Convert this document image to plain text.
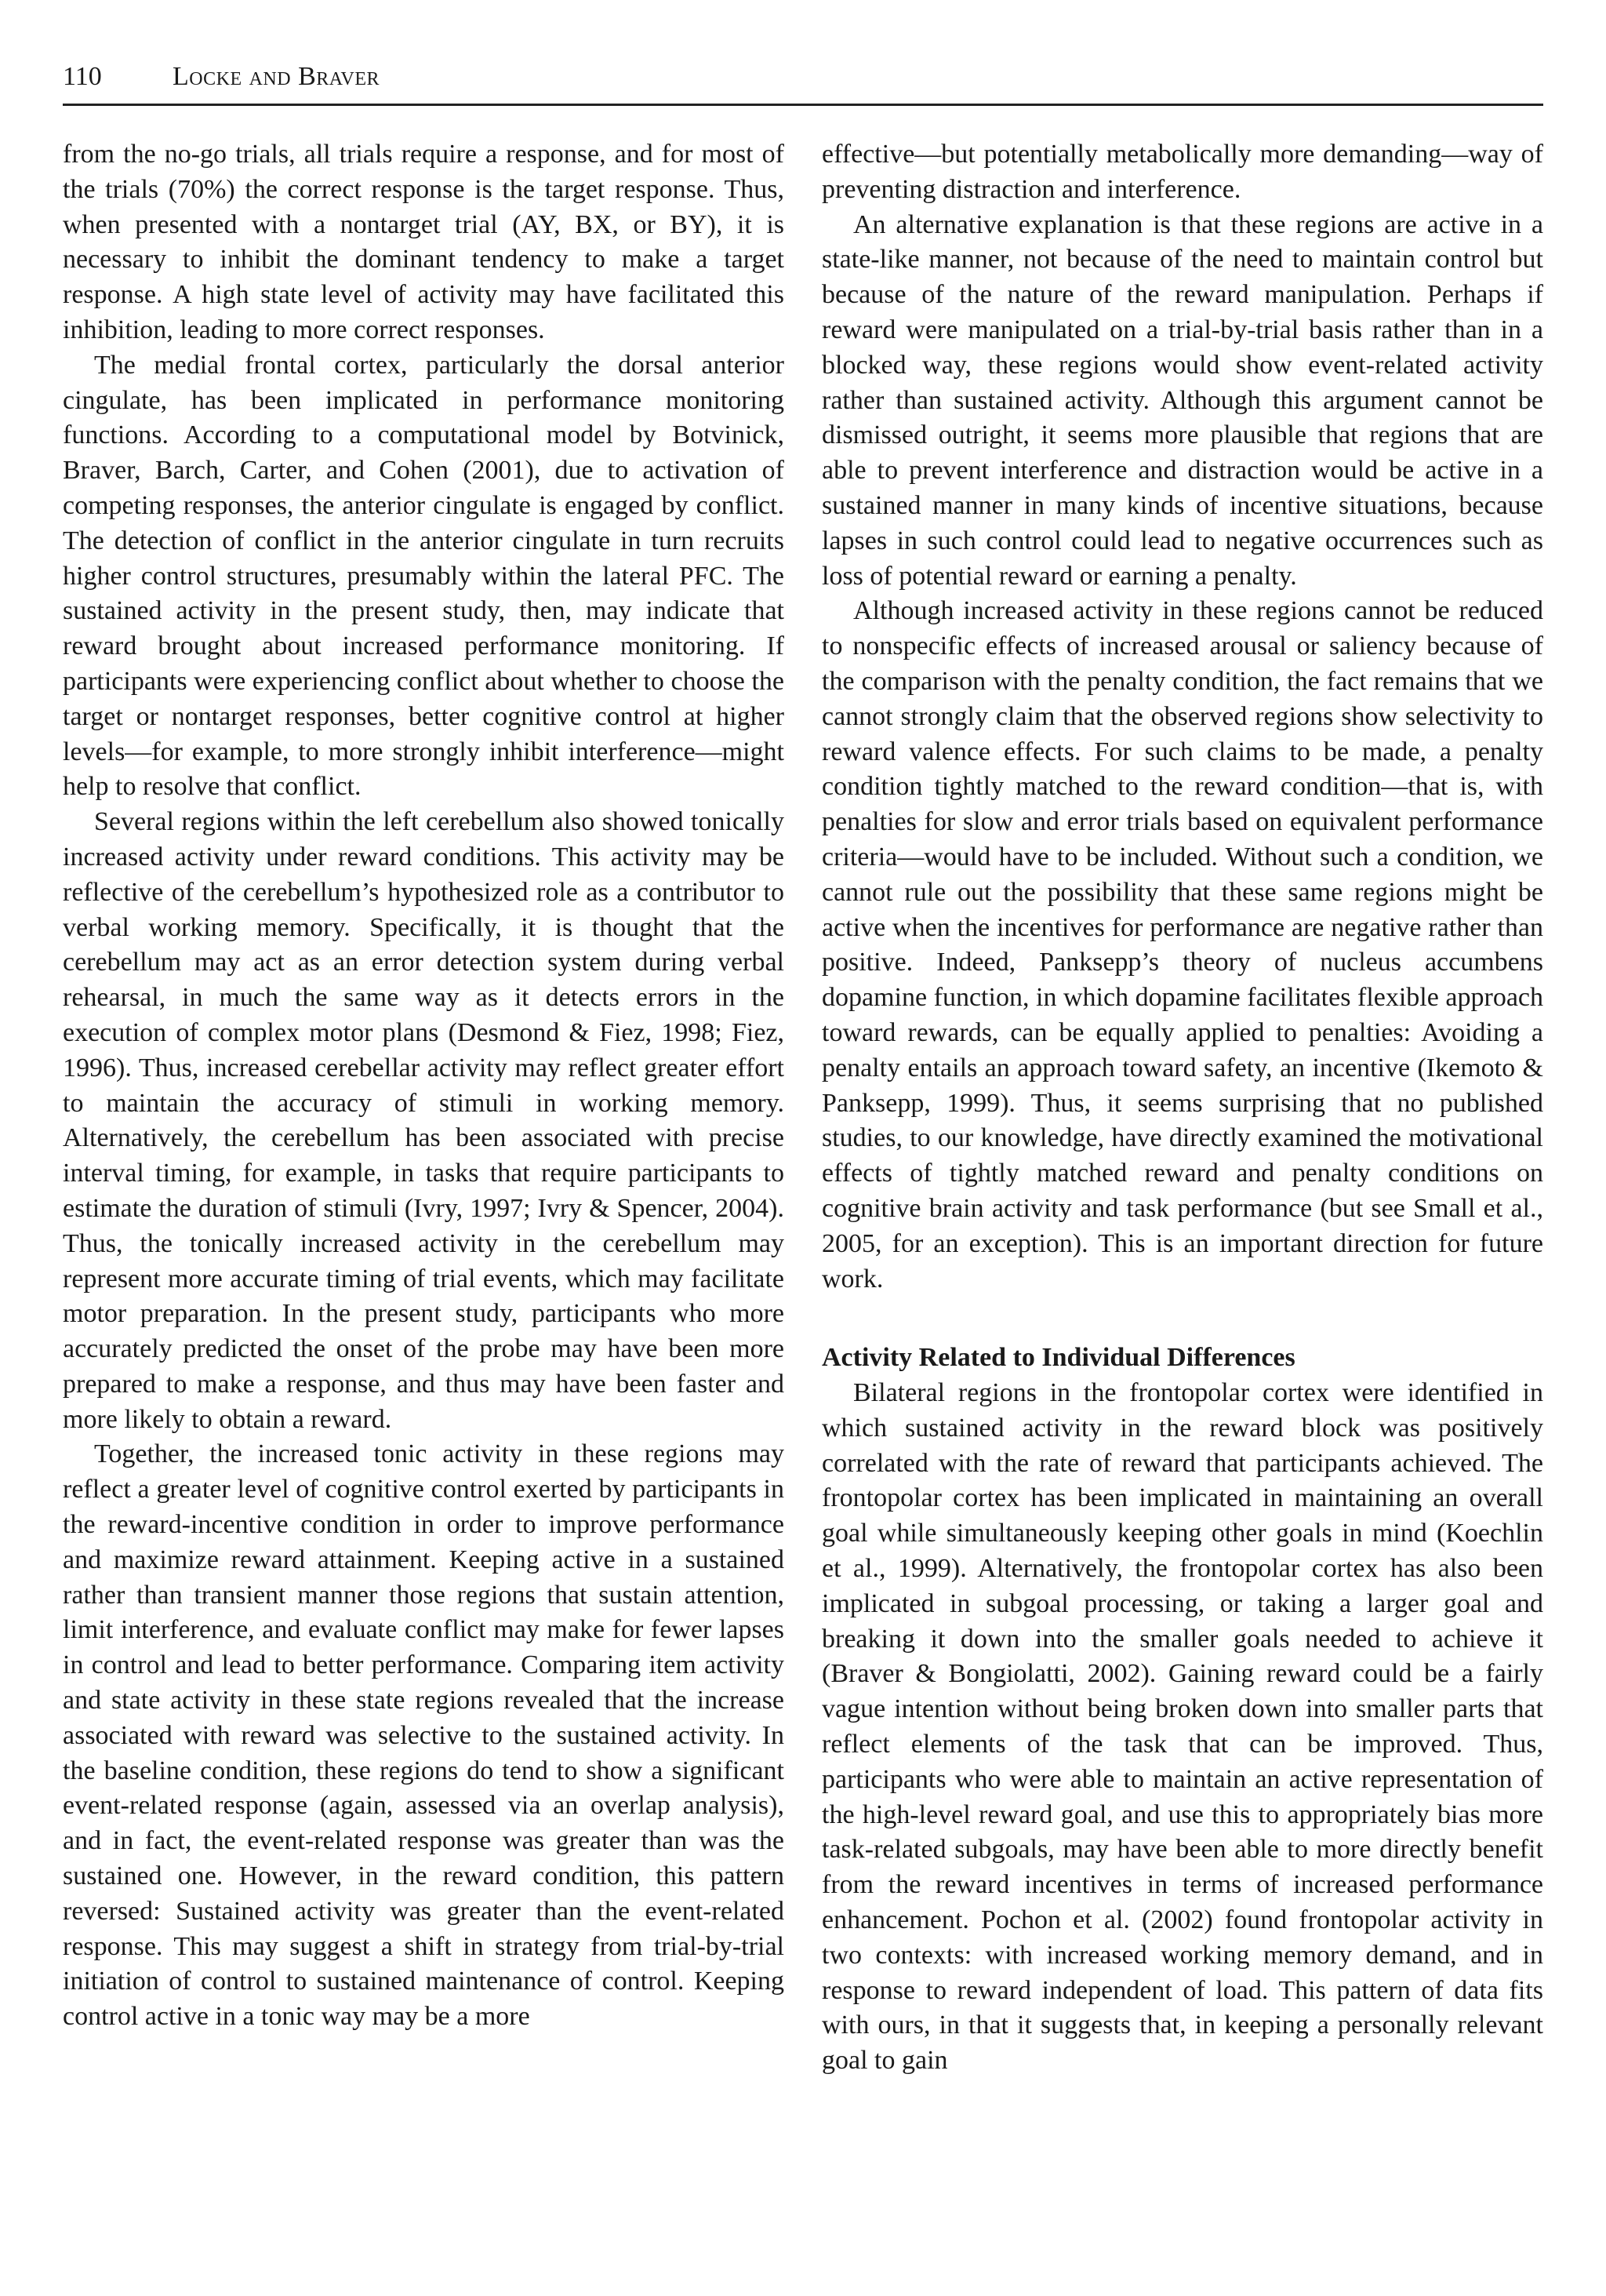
110	Locke and Braver

from the no-go trials, all trials require a response, and for most of the trials (70%) the correct response is the target response. Thus, when presented with a nontarget trial (AY, BX, or BY), it is necessary to inhibit the dominant tendency to make a target response. A high state level of activity may have facilitated this inhibition, leading to more correct responses.

The medial frontal cortex, particularly the dorsal anterior cingulate, has been implicated in performance monitoring functions. According to a computational model by Botvinick, Braver, Barch, Carter, and Cohen (2001), due to activation of competing responses, the anterior cingulate is engaged by conflict. The detection of conflict in the anterior cingulate in turn recruits higher control structures, presumably within the lateral PFC. The sustained activity in the present study, then, may indicate that reward brought about increased performance monitoring. If participants were experiencing conflict about whether to choose the target or nontarget responses, better cognitive control at higher levels—for example, to more strongly inhibit interference—might help to resolve that conflict.

Several regions within the left cerebellum also showed tonically increased activity under reward conditions. This activity may be reflective of the cerebellum’s hypothesized role as a contributor to verbal working memory. Specifically, it is thought that the cerebellum may act as an error detection system during verbal rehearsal, in much the same way as it detects errors in the execution of complex motor plans (Desmond & Fiez, 1998; Fiez, 1996). Thus, increased cerebellar activity may reflect greater effort to maintain the accuracy of stimuli in working memory. Alternatively, the cerebellum has been associated with precise interval timing, for example, in tasks that require participants to estimate the duration of stimuli (Ivry, 1997; Ivry & Spencer, 2004). Thus, the tonically increased activity in the cerebellum may represent more accurate timing of trial events, which may facilitate motor preparation. In the present study, participants who more accurately predicted the onset of the probe may have been more prepared to make a response, and thus may have been faster and more likely to obtain a reward.

Together, the increased tonic activity in these regions may reflect a greater level of cognitive control exerted by participants in the reward-incentive condition in order to improve performance and maximize reward attainment. Keeping active in a sustained rather than transient manner those regions that sustain attention, limit interference, and evaluate conflict may make for fewer lapses in control and lead to better performance. Comparing item activity and state activity in these state regions revealed that the increase associated with reward was selective to the sustained activity. In the baseline condition, these regions do tend to show a significant event-related response (again, assessed via an overlap analysis), and in fact, the event-related response was greater than was the sustained one. However, in the reward condition, this pattern reversed: Sustained activity was greater than the event-related response. This may suggest a shift in strategy from trial-by-trial initiation of control to sustained maintenance of control. Keeping control active in a tonic way may be a more

effective—but potentially metabolically more demanding—way of preventing distraction and interference.

An alternative explanation is that these regions are active in a state-like manner, not because of the need to maintain control but because of the nature of the reward manipulation. Perhaps if reward were manipulated on a trial-by-trial basis rather than in a blocked way, these regions would show event-related activity rather than sustained activity. Although this argument cannot be dismissed outright, it seems more plausible that regions that are able to prevent interference and distraction would be active in a sustained manner in many kinds of incentive situations, because lapses in such control could lead to negative occurrences such as loss of potential reward or earning a penalty.

Although increased activity in these regions cannot be reduced to nonspecific effects of increased arousal or saliency because of the comparison with the penalty condition, the fact remains that we cannot strongly claim that the observed regions show selectivity to reward valence effects. For such claims to be made, a penalty condition tightly matched to the reward condition—that is, with penalties for slow and error trials based on equivalent performance criteria—would have to be included. Without such a condition, we cannot rule out the possibility that these same regions might be active when the incentives for performance are negative rather than positive. Indeed, Panksepp’s theory of nucleus accumbens dopamine function, in which dopamine facilitates flexible approach toward rewards, can be equally applied to penalties: Avoiding a penalty entails an approach toward safety, an incentive (Ikemoto & Panksepp, 1999). Thus, it seems surprising that no published studies, to our knowledge, have directly examined the motivational effects of tightly matched reward and penalty conditions on cognitive brain activity and task performance (but see Small et al., 2005, for an exception). This is an important direction for future work.

Activity Related to Individual Differences

Bilateral regions in the frontopolar cortex were identified in which sustained activity in the reward block was positively correlated with the rate of reward that participants achieved. The frontopolar cortex has been implicated in maintaining an overall goal while simultaneously keeping other goals in mind (Koechlin et al., 1999). Alternatively, the frontopolar cortex has also been implicated in subgoal processing, or taking a larger goal and breaking it down into the smaller goals needed to achieve it (Braver & Bongiolatti, 2002). Gaining reward could be a fairly vague intention without being broken down into smaller parts that reflect elements of the task that can be improved. Thus, participants who were able to maintain an active representation of the high-level reward goal, and use this to appropriately bias more task-related subgoals, may have been able to more directly benefit from the reward incentives in terms of increased performance enhancement. Pochon et al. (2002) found frontopolar activity in two contexts: with increased working memory demand, and in response to reward independent of load. This pattern of data fits with ours, in that it suggests that, in keeping a personally relevant goal to gain
